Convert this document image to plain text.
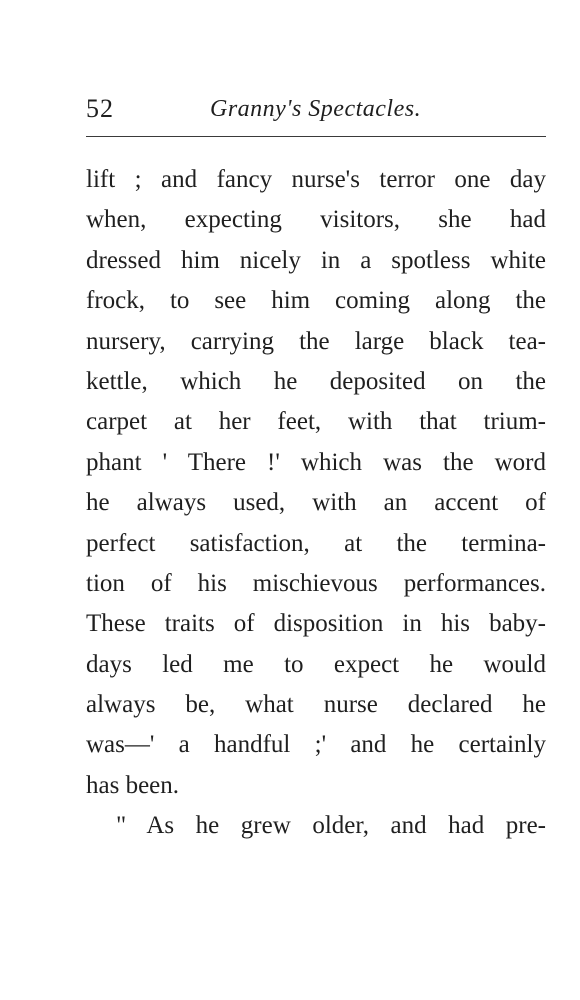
52	Granny's Spectacles.
lift ; and fancy nurse's terror one day
when, expecting visitors, she had
dressed him nicely in a spotless white
frock, to see him coming along the
nursery, carrying the large black tea-
kettle, which he deposited on the
carpet at her feet, with that trium-
phant ' There !' which was the word
he always used, with an accent of
perfect satisfaction, at the termina-
tion of his mischievous performances.
These traits of disposition in his baby-
days led me to expect he would
always be, what nurse declared he
was—' a handful ;' and he certainly
has been.
" As he grew older, and had pre-
